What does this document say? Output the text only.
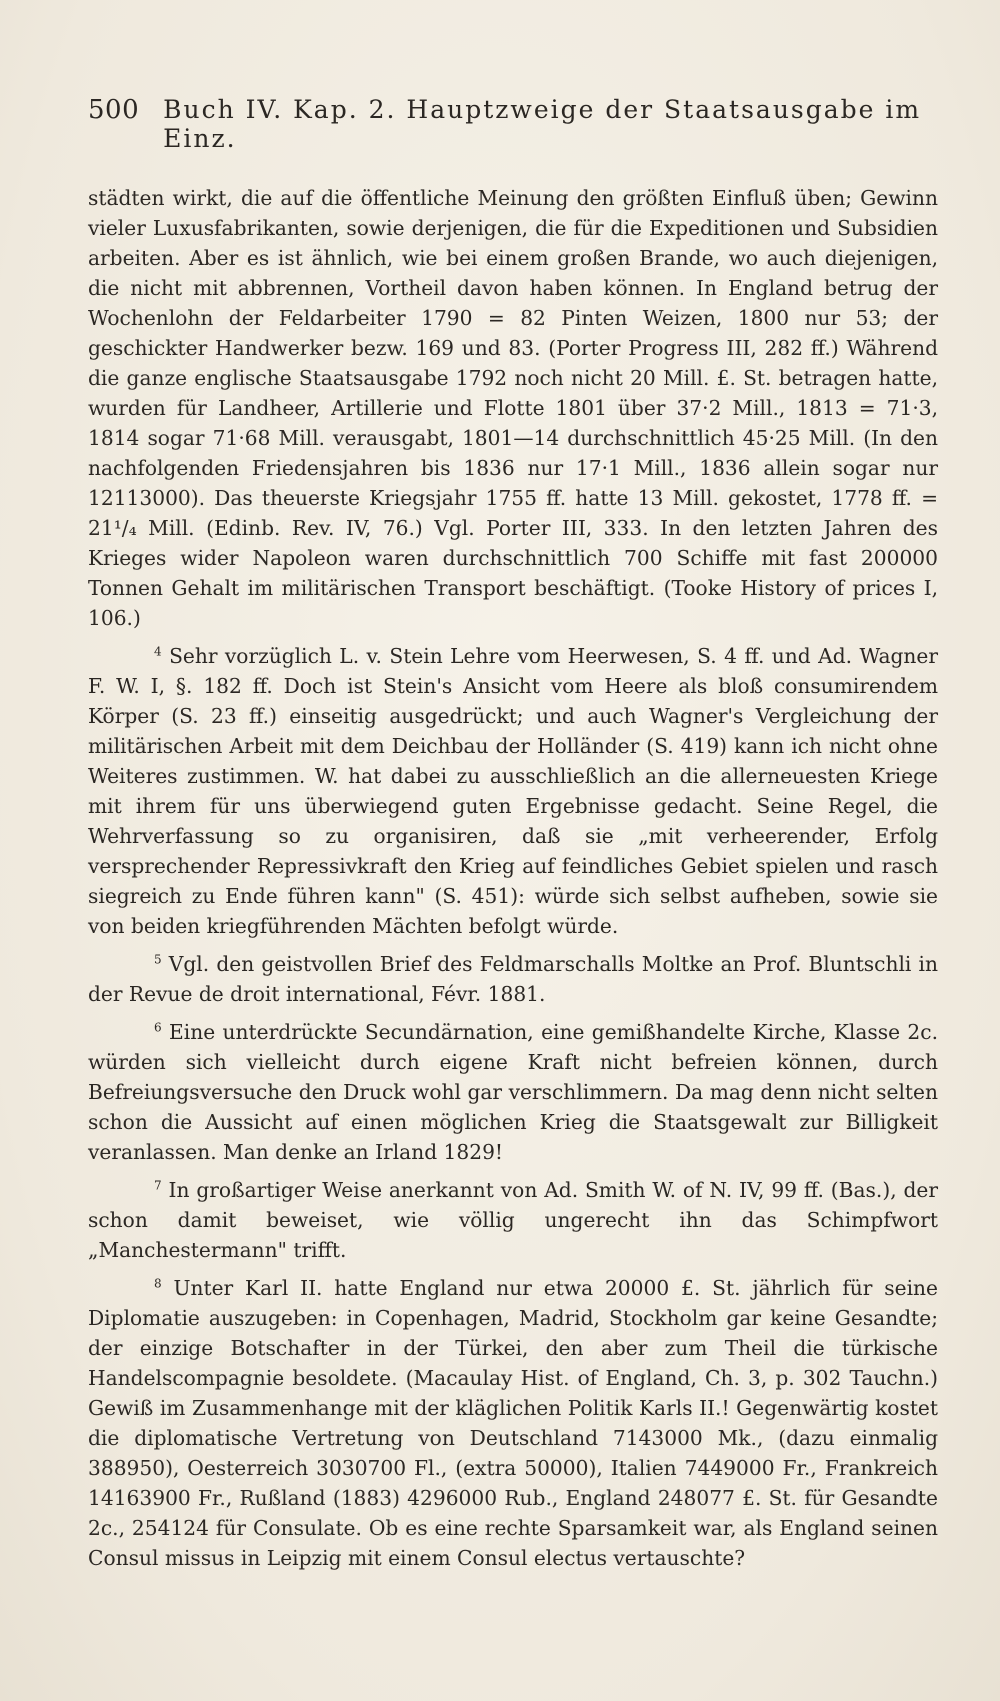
500 Buch IV. Kap. 2. Hauptzweige der Staatsausgabe im Einz.

städten wirkt, die auf die öffentliche Meinung den größten Einfluß üben; Gewinn vieler Luxusfabrikanten, sowie derjenigen, die für die Expeditionen und Subsidien arbeiten. Aber es ist ähnlich, wie bei einem großen Brande, wo auch diejenigen, die nicht mit abbrennen, Vortheil davon haben können. In England betrug der Wochenlohn der Feldarbeiter 1790 = 82 Pinten Weizen, 1800 nur 53; der geschickter Handwerker bezw. 169 und 83. (Porter Progress III, 282 ff.) Während die ganze englische Staatsausgabe 1792 noch nicht 20 Mill. £. St. betragen hatte, wurden für Landheer, Artillerie und Flotte 1801 über 37·2 Mill., 1813 = 71·3, 1814 sogar 71·68 Mill. verausgabt, 1801—14 durchschnittlich 45·25 Mill. (In den nachfolgenden Friedensjahren bis 1836 nur 17·1 Mill., 1836 allein sogar nur 12113000). Das theuerste Kriegsjahr 1755 ff. hatte 13 Mill. gekostet, 1778 ff. = 21¹/₄ Mill. (Edinb. Rev. IV, 76.) Vgl. Porter III, 333. In den letzten Jahren des Krieges wider Napoleon waren durchschnittlich 700 Schiffe mit fast 200000 Tonnen Gehalt im militärischen Transport beschäftigt. (Tooke History of prices I, 106.)

$^4$ Sehr vorzüglich L. v. Stein Lehre vom Heerwesen, S. 4 ff. und Ad. Wagner F. W. I, §. 182 ff. Doch ist Stein's Ansicht vom Heere als bloß consumirendem Körper (S. 23 ff.) einseitig ausgedrückt; und auch Wagner's Vergleichung der militärischen Arbeit mit dem Deichbau der Holländer (S. 419) kann ich nicht ohne Weiteres zustimmen. W. hat dabei zu ausschließlich an die allerneuesten Kriege mit ihrem für uns überwiegend guten Ergebnisse gedacht. Seine Regel, die Wehrverfassung so zu organisiren, daß sie „mit verheerender, Erfolg versprechender Repressivkraft den Krieg auf feindliches Gebiet spielen und rasch siegreich zu Ende führen kann" (S. 451): würde sich selbst aufheben, sowie sie von beiden kriegführenden Mächten befolgt würde.

$^5$ Vgl. den geistvollen Brief des Feldmarschalls Moltke an Prof. Bluntschli in der Revue de droit international, Févr. 1881.

$^6$ Eine unterdrückte Secundärnation, eine gemißhandelte Kirche, Klasse 2c. würden sich vielleicht durch eigene Kraft nicht befreien können, durch Befreiungsversuche den Druck wohl gar verschlimmern. Da mag denn nicht selten schon die Aussicht auf einen möglichen Krieg die Staatsgewalt zur Billigkeit veranlassen. Man denke an Irland 1829!

$^7$ In großartiger Weise anerkannt von Ad. Smith W. of N. IV, 99 ff. (Bas.), der schon damit beweiset, wie völlig ungerecht ihn das Schimpfwort „Manchestermann" trifft.

$^8$ Unter Karl II. hatte England nur etwa 20000 £. St. jährlich für seine Diplomatie auszugeben: in Copenhagen, Madrid, Stockholm gar keine Gesandte; der einzige Botschafter in der Türkei, den aber zum Theil die türkische Handelscompagnie besoldete. (Macaulay Hist. of England, Ch. 3, p. 302 Tauchn.) Gewiß im Zusammenhange mit der kläglichen Politik Karls II.! Gegenwärtig kostet die diplomatische Vertretung von Deutschland 7143000 Mk., (dazu einmalig 388950), Oesterreich 3030700 Fl., (extra 50000), Italien 7449000 Fr., Frankreich 14163900 Fr., Rußland (1883) 4296000 Rub., England 248077 £. St. für Gesandte 2c., 254124 für Consulate. Ob es eine rechte Sparsamkeit war, als England seinen Consul missus in Leipzig mit einem Consul electus vertauschte?
